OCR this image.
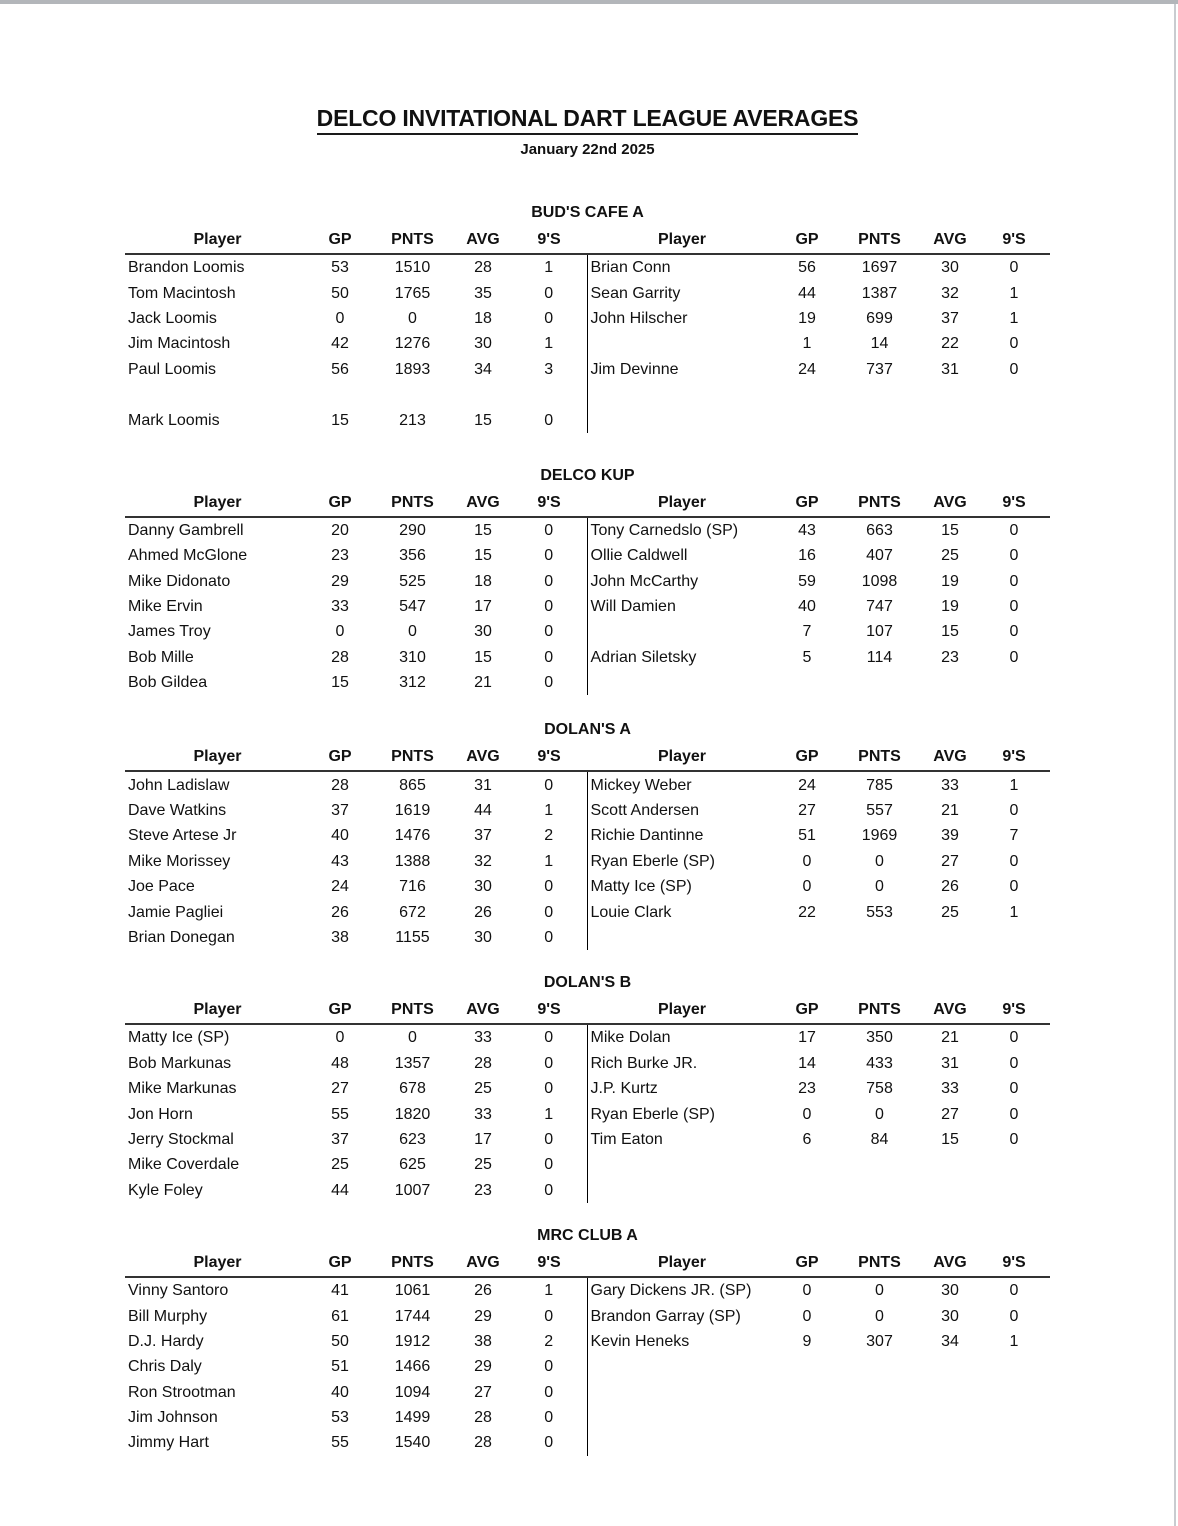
DELCO INVITATIONAL DART LEAGUE AVERAGES
January 22nd 2025
BUD'S CAFE A
Player	GP	PNTS	AVG	9'S	Player	GP	PNTS	AVG	9'S
Brandon Loomis	53	1510	28	1	Brian Conn	56	1697	30	0
Tom Macintosh	50	1765	35	0	Sean Garrity	44	1387	32	1
Jack Loomis	0	0	18	0	John Hilscher	19	699	37	1
Jim Macintosh	42	1276	30	1		1	14	22	0
Paul Loomis	56	1893	34	3	Jim Devinne	24	737	31	0

Mark Loomis	15	213	15	0					
DELCO KUP
Player	GP	PNTS	AVG	9'S	Player	GP	PNTS	AVG	9'S
Danny Gambrell	20	290	15	0	Tony Carnedslo (SP)	43	663	15	0
Ahmed McGlone	23	356	15	0	Ollie Caldwell	16	407	25	0
Mike Didonato	29	525	18	0	John McCarthy	59	1098	19	0
Mike Ervin	33	547	17	0	Will Damien	40	747	19	0
James Troy	0	0	30	0		7	107	15	0
Bob Mille	28	310	15	0	Adrian Siletsky	5	114	23	0
Bob Gildea	15	312	21	0					
DOLAN'S A
Player	GP	PNTS	AVG	9'S	Player	GP	PNTS	AVG	9'S
John Ladislaw	28	865	31	0	Mickey Weber	24	785	33	1
Dave Watkins	37	1619	44	1	Scott Andersen	27	557	21	0
Steve Artese Jr	40	1476	37	2	Richie Dantinne	51	1969	39	7
Mike Morissey	43	1388	32	1	Ryan Eberle (SP)	0	0	27	0
Joe Pace	24	716	30	0	Matty Ice (SP)	0	0	26	0
Jamie Pagliei	26	672	26	0	Louie Clark	22	553	25	1
Brian Donegan	38	1155	30	0					
DOLAN'S B
Player	GP	PNTS	AVG	9'S	Player	GP	PNTS	AVG	9'S
Matty Ice (SP)	0	0	33	0	Mike Dolan	17	350	21	0
Bob Markunas	48	1357	28	0	Rich Burke JR.	14	433	31	0
Mike Markunas	27	678	25	0	J.P. Kurtz	23	758	33	0
Jon Horn	55	1820	33	1	Ryan Eberle (SP)	0	0	27	0
Jerry Stockmal	37	623	17	0	Tim Eaton	6	84	15	0
Mike Coverdale	25	625	25	0					
Kyle Foley	44	1007	23	0					
MRC CLUB A
Player	GP	PNTS	AVG	9'S	Player	GP	PNTS	AVG	9'S
Vinny Santoro	41	1061	26	1	Gary Dickens JR. (SP)	0	0	30	0
Bill Murphy	61	1744	29	0	Brandon Garray (SP)	0	0	30	0
D.J. Hardy	50	1912	38	2	Kevin Heneks	9	307	34	1
Chris Daly	51	1466	29	0					
Ron Strootman	40	1094	27	0					
Jim Johnson	53	1499	28	0					
Jimmy Hart	55	1540	28	0					
